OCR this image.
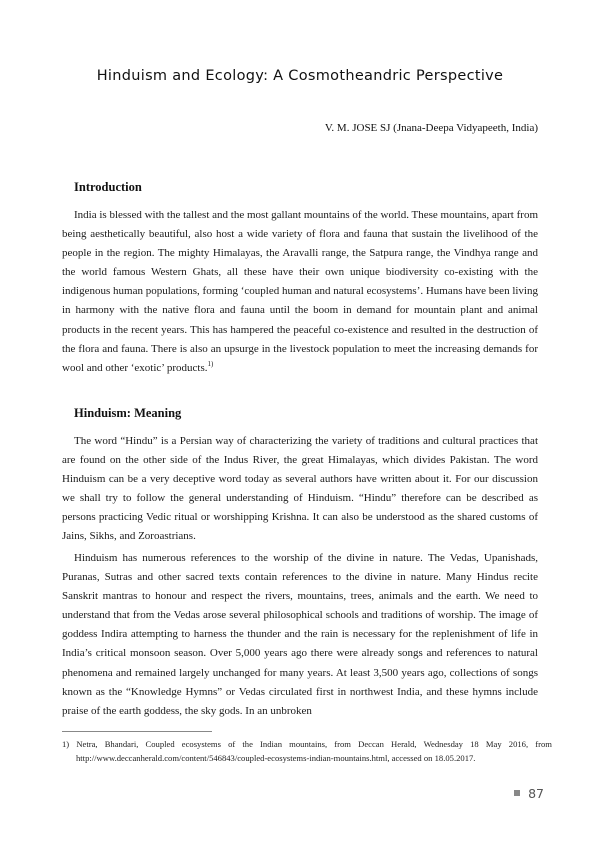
Hinduism and Ecology: A Cosmotheandric Perspective
V. M. JOSE SJ (Jnana-Deepa Vidyapeeth, India)
Introduction

India is blessed with the tallest and the most gallant mountains of the world. These mountains, apart from being aesthetically beautiful, also host a wide variety of flora and fauna that sustain the livelihood of the people in the region. The mighty Himalayas, the Aravalli range, the Satpura range, the Vindhya range and the world famous Western Ghats, all these have their own unique biodiversity co-existing with the indigenous human populations, forming ‘coupled human and natural ecosystems’. Humans have been living in harmony with the native flora and fauna until the boom in demand for mountain plant and animal products in the recent years. This has hampered the peaceful co-existence and resulted in the destruction of the flora and fauna. There is also an upsurge in the livestock population to meet the increasing demands for wool and other ‘exotic’ products.$^{1)}$

Hinduism: Meaning

The word “Hindu” is a Persian way of characterizing the variety of traditions and cultural practices that are found on the other side of the Indus River, the great Himalayas, which divides Pakistan. The word Hinduism can be a very deceptive word today as several authors have written about it. For our discussion we shall try to follow the general understanding of Hinduism. “Hindu” therefore can be described as persons practicing Vedic ritual or worshipping Krishna. It can also be understood as the shared customs of Jains, Sikhs, and Zoroastrians.

Hinduism has numerous references to the worship of the divine in nature. The Vedas, Upanishads, Puranas, Sutras and other sacred texts contain references to the divine in nature. Many Hindus recite Sanskrit mantras to honour and respect the rivers, mountains, trees, animals and the earth. We need to understand that from the Vedas arose several philosophical schools and traditions of worship. The image of goddess Indira attempting to harness the thunder and the rain is necessary for the replenishment of life in India’s critical monsoon season. Over 5,000 years ago there were already songs and references to natural phenomena and remained largely unchanged for many years. At least 3,500 years ago, collections of songs known as the “Knowledge Hymns” or Vedas circulated first in northwest India, and these hymns include praise of the earth goddess, the sky gods. In an unbroken

1) Netra, Bhandari, Coupled ecosystems of the Indian mountains, from Deccan Herald, Wednesday 18 May 2016, from http://www.deccanherald.com/content/546843/coupled-ecosystems-indian-mountains.html, accessed on 18.05.2017.

87
